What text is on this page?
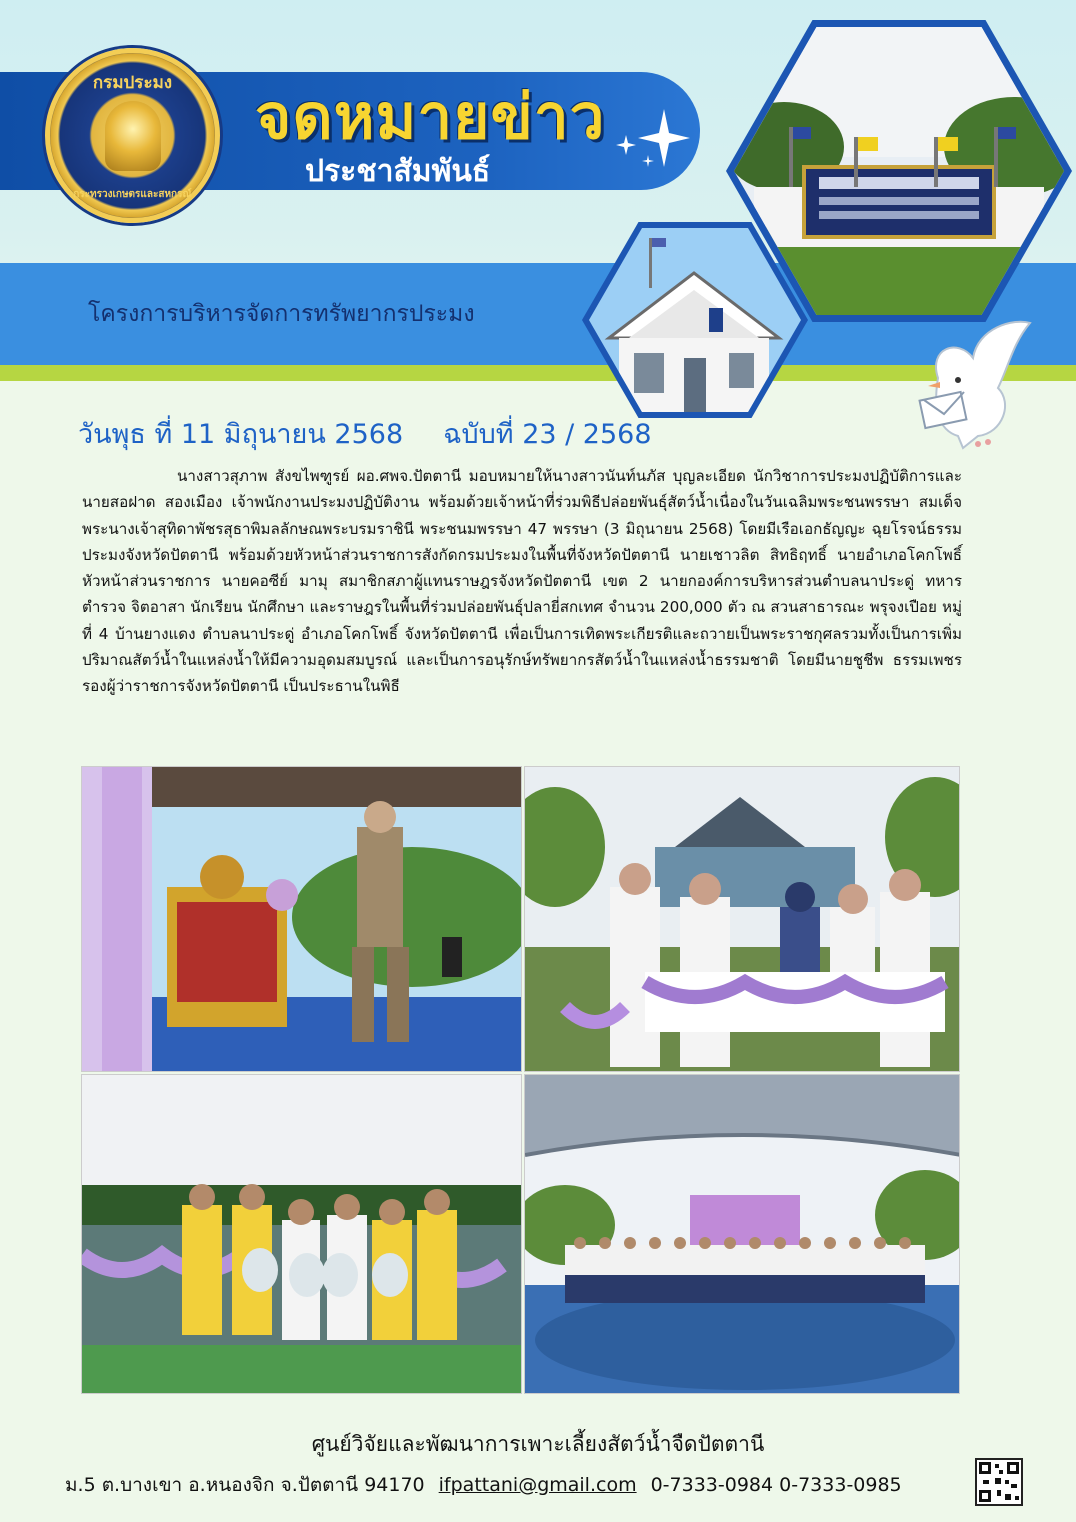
กรมประมง
กระทรวงเกษตรและสหกรณ์
จดหมายข่าว
ประชาสัมพันธ์
โครงการบริหารจัดการทรัพยากรประมง
วันพุธ ที่ 11 มิถุนายน 2568 ฉบับที่ 23 / 2568
นางสาวสุภาพ สังขไพฑูรย์ ผอ.ศพจ.ปัตตานี มอบหมายให้นางสาวนันท์นภัส บุญละเอียด นักวิชาการประมงปฏิบัติการและ นายสอฝาด สองเมือง เจ้าพนักงานประมงปฏิบัติงาน พร้อมด้วยเจ้าหน้าที่ร่วมพิธีปล่อยพันธุ์สัตว์น้ำเนื่องในวันเฉลิมพระชนพรรษา สมเด็จพระนางเจ้าสุทิดาพัชรสุธาพิมลลักษณพระบรมราชินี พระชนมพรรษา 47 พรรษา (3 มิถุนายน 2568) โดยมีเรือเอกธัญญะ ฉุยโรจน์ธรรม ประมงจังหวัดปัตตานี พร้อมด้วยหัวหน้าส่วนราชการสังกัดกรมประมงในพื้นที่จังหวัดปัตตานี นายเชาวลิต สิทธิฤทธิ์ นายอำเภอโคกโพธิ์หัวหน้าส่วนราชการ นายคอซีย์ มามุ สมาชิกสภาผู้แทนราษฎรจังหวัดปัตตานี เขต 2 นายกองค์การบริหารส่วนตำบลนาประดู่ ทหาร ตำรวจ จิตอาสา นักเรียน นักศึกษา และราษฎรในพื้นที่ร่วมปล่อยพันธุ์ปลายี่สกเทศ จำนวน 200,000 ตัว ณ สวนสาธารณะ พรุจงเปือย หมู่ที่ 4 บ้านยางแดง ตำบลนาประดู่ อำเภอโคกโพธิ์ จังหวัดปัตตานี เพื่อเป็นการเทิดพระเกียรติและถวายเป็นพระราชกุศลรวมทั้งเป็นการเพิ่มปริมาณสัตว์น้ำในแหล่งน้ำให้มีความอุดมสมบูรณ์ และเป็นการอนุรักษ์ทรัพยากรสัตว์น้ำในแหล่งน้ำธรรมชาติ โดยมีนายชูชีพ ธรรมเพชร รองผู้ว่าราชการจังหวัดปัตตานี เป็นประธานในพิธี
ศูนย์วิจัยและพัฒนาการเพาะเลี้ยงสัตว์น้ำจืดปัตตานี
ม.5 ต.บางเขา อ.หนองจิก จ.ปัตตานี 94170 ifpattani@gmail.com 0-7333-0984 0-7333-0985
